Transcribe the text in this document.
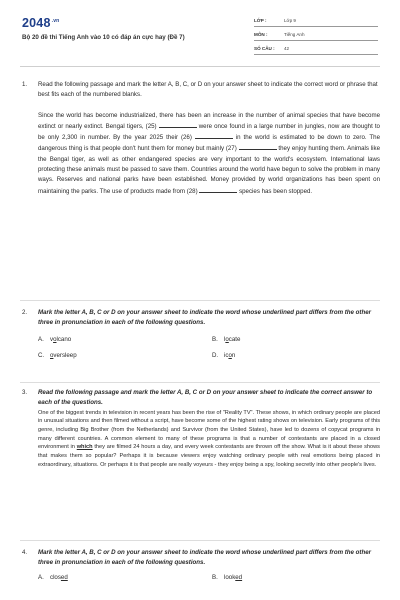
$2048^{.vn}$
Bộ 20 đề thi Tiếng Anh vào 10 có đáp án cực hay (Đề 7)
LỚP :	Lớp 9
MÔN :	Tiếng Anh
SỐ CÂU :	42
1.	Read the following passage and mark the letter A, B, C, or D on your answer sheet to indicate the correct word or phrase that best fits each of the numbered blanks.
Since the world has become industrialized, there has been an increase in the number of animal species that have become extinct or nearly extinct. Bengal tigers, (25)	were once found in a large number in jungles, now are thought to be only 2,300 in number. By the year 2025 their (26)	in the world is estimated to be down to zero. The dangerous thing is that people don't hunt them for money but mainly (27)	they enjoy hunting them. Animals like the Bengal tiger, as well as other endangered species are very important to the world's ecosystem. International laws protecting these animals must be passed to save them. Countries around the world have begun to solve the problem in many ways. Reserves and national parks have been established. Money provided by world organizations has been spent on maintaining the parks. The use of products made from (28)	species has been stopped.
2.	Mark the letter A, B, C or D on your answer sheet to indicate the word whose underlined part differs from the other three in pronunciation in each of the following questions.
A. volcano	B. locate
C. oversleep	D. icon
3.	Read the following passage and mark the letter A, B, C or D on your answer sheet to indicate the correct answer to each of the questions.
One of the biggest trends in television in recent years has been the rise of "Reality TV". These shows, in which ordinary people are placed in unusual situations and then filmed without a script, have become some of the highest rating shows on television. Early programs of this genre, including Big Brother (from the Netherlands) and Survivor (from the United States), have led to dozens of copycat programs in many different countries. A common element to many of these programs is that a number of contestants are placed in a closed environment in which they are filmed 24 hours a day, and every week contestants are thrown off the show. What is it about these shows that makes them so popular? Perhaps it is because viewers enjoy watching ordinary people with real emotions being placed in extraordinary, situations. Or perhaps it is that people are really voyeurs - they enjoy being a spy, looking secretly into other people's lives.
4.	Mark the letter A, B, C or D on your answer sheet to indicate the word whose underlined part differs from the other three in pronunciation in each of the following questions.
A. closed	B. looked
